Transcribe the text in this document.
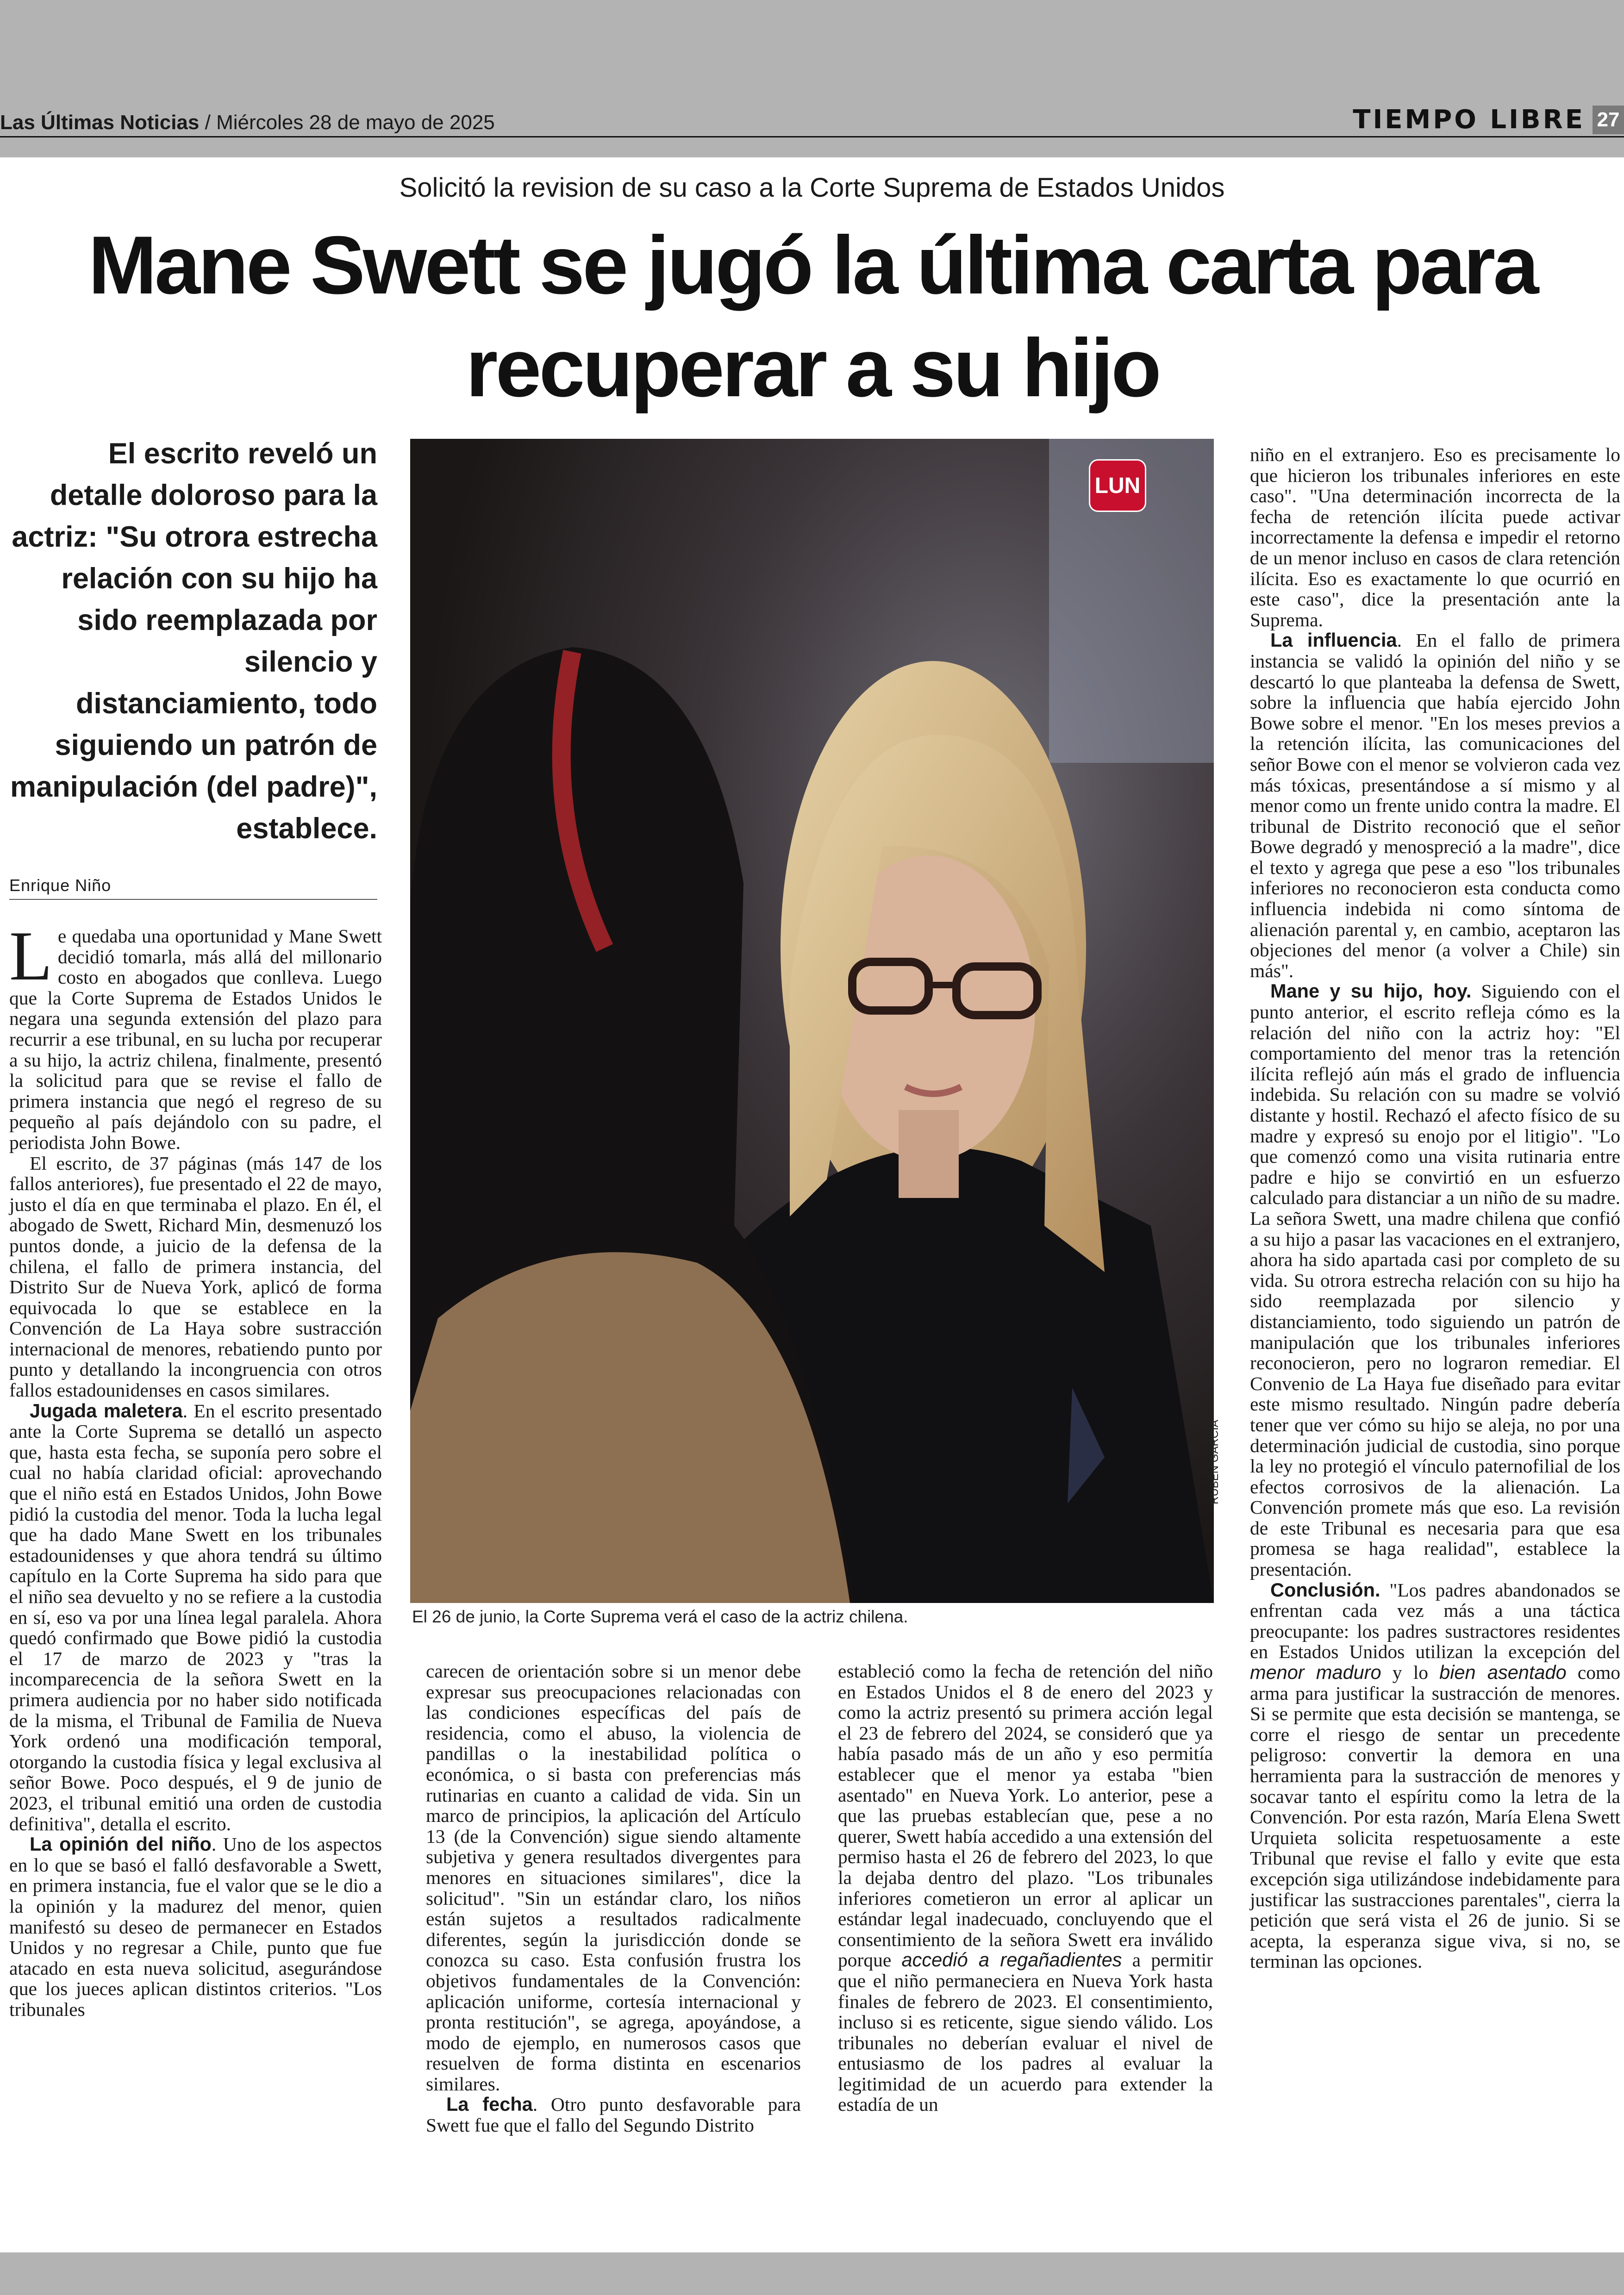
Las Últimas Noticias / Miércoles 28 de mayo de 2025	TIEMPO LIBRE 27
Solicitó la revision de su caso a la Corte Suprema de Estados Unidos
Mane Swett se jugó la última carta para recuperar a su hijo
El escrito reveló un detalle doloroso para la actriz: "Su otrora estrecha relación con su hijo ha sido reemplazada por silencio y distanciamiento, todo siguiendo un patrón de manipulación (del padre)", establece.
Enrique Niño

Le quedaba una oportunidad y Mane Swett decidió tomarla, más allá del millonario costo en abogados que conlleva. Luego que la Corte Suprema de Estados Unidos le negara una segunda extensión del plazo para recurrir a ese tribunal, en su lucha por recuperar a su hijo, la actriz chilena, finalmente, presentó la solicitud para que se revise el fallo de primera instancia que negó el regreso de su pequeño al país dejándolo con su padre, el periodista John Bowe.

El escrito, de 37 páginas (más 147 de los fallos anteriores), fue presentado el 22 de mayo, justo el día en que terminaba el plazo. En él, el abogado de Swett, Richard Min, desmenuzó los puntos donde, a juicio de la defensa de la chilena, el fallo de primera instancia, del Distrito Sur de Nueva York, aplicó de forma equivocada lo que se establece en la Convención de La Haya sobre sustracción internacional de menores, rebatiendo punto por punto y detallando la incongruencia con otros fallos estadounidenses en casos similares.

Jugada maletera. En el escrito presentado ante la Corte Suprema se detalló un aspecto que, hasta esta fecha, se suponía pero sobre el cual no había claridad oficial: aprovechando que el niño está en Estados Unidos, John Bowe pidió la custodia del menor. Toda la lucha legal que ha dado Mane Swett en los tribunales estadounidenses y que ahora tendrá su último capítulo en la Corte Suprema ha sido para que el niño sea devuelto y no se refiere a la custodia en sí, eso va por una línea legal paralela. Ahora quedó confirmado que Bowe pidió la custodia el 17 de marzo de 2023 y "tras la incomparecencia de la señora Swett en la primera audiencia por no haber sido notificada de la misma, el Tribunal de Familia de Nueva York ordenó una modificación temporal, otorgando la custodia física y legal exclusiva al señor Bowe. Poco después, el 9 de junio de 2023, el tribunal emitió una orden de custodia definitiva", detalla el escrito.

La opinión del niño. Uno de los aspectos en lo que se basó el falló desfavorable a Swett, en primera instancia, fue el valor que se le dio a la opinión y la madurez del menor, quien manifestó su deseo de permanecer en Estados Unidos y no regresar a Chile, punto que fue atacado en esta nueva solicitud, asegurándose que los jueces aplican distintos criterios. "Los tribunales

LUN
RUBÉN GARCÍA
El 26 de junio, la Corte Suprema verá el caso de la actriz chilena.

carecen de orientación sobre si un menor debe expresar sus preocupaciones relacionadas con las condiciones específicas del país de residencia, como el abuso, la violencia de pandillas o la inestabilidad política o económica, o si basta con preferencias más rutinarias en cuanto a calidad de vida. Sin un marco de principios, la aplicación del Artículo 13 (de la Convención) sigue siendo altamente subjetiva y genera resultados divergentes para menores en situaciones similares", dice la solicitud". "Sin un estándar claro, los niños están sujetos a resultados radicalmente diferentes, según la jurisdicción donde se conozca su caso. Esta confusión frustra los objetivos fundamentales de la Convención: aplicación uniforme, cortesía internacional y pronta restitución", se agrega, apoyándose, a modo de ejemplo, en numerosos casos que resuelven de forma distinta en escenarios similares.

La fecha. Otro punto desfavorable para Swett fue que el fallo del Segundo Distrito

estableció como la fecha de retención del niño en Estados Unidos el 8 de enero del 2023 y como la actriz presentó su primera acción legal el 23 de febrero del 2024, se consideró que ya había pasado más de un año y eso permitía establecer que el menor ya estaba "bien asentado" en Nueva York. Lo anterior, pese a que las pruebas establecían que, pese a no querer, Swett había accedido a una extensión del permiso hasta el 26 de febrero del 2023, lo que la dejaba dentro del plazo. "Los tribunales inferiores cometieron un error al aplicar un estándar legal inadecuado, concluyendo que el consentimiento de la señora Swett era inválido porque accedió a regañadientes a permitir que el niño permaneciera en Nueva York hasta finales de febrero de 2023. El consentimiento, incluso si es reticente, sigue siendo válido. Los tribunales no deberían evaluar el nivel de entusiasmo de los padres al evaluar la legitimidad de un acuerdo para extender la estadía de un

niño en el extranjero. Eso es precisamente lo que hicieron los tribunales inferiores en este caso". "Una determinación incorrecta de la fecha de retención ilícita puede activar incorrectamente la defensa e impedir el retorno de un menor incluso en casos de clara retención ilícita. Eso es exactamente lo que ocurrió en este caso", dice la presentación ante la Suprema.

La influencia. En el fallo de primera instancia se validó la opinión del niño y se descartó lo que planteaba la defensa de Swett, sobre la influencia que había ejercido John Bowe sobre el menor. "En los meses previos a la retención ilícita, las comunicaciones del señor Bowe con el menor se volvieron cada vez más tóxicas, presentándose a sí mismo y al menor como un frente unido contra la madre. El tribunal de Distrito reconoció que el señor Bowe degradó y menospreció a la madre", dice el texto y agrega que pese a eso "los tribunales inferiores no reconocieron esta conducta como influencia indebida ni como síntoma de alienación parental y, en cambio, aceptaron las objeciones del menor (a volver a Chile) sin más".

Mane y su hijo, hoy. Siguiendo con el punto anterior, el escrito refleja cómo es la relación del niño con la actriz hoy: "El comportamiento del menor tras la retención ilícita reflejó aún más el grado de influencia indebida. Su relación con su madre se volvió distante y hostil. Rechazó el afecto físico de su madre y expresó su enojo por el litigio". "Lo que comenzó como una visita rutinaria entre padre e hijo se convirtió en un esfuerzo calculado para distanciar a un niño de su madre. La señora Swett, una madre chilena que confió a su hijo a pasar las vacaciones en el extranjero, ahora ha sido apartada casi por completo de su vida. Su otrora estrecha relación con su hijo ha sido reemplazada por silencio y distanciamiento, todo siguiendo un patrón de manipulación que los tribunales inferiores reconocieron, pero no lograron remediar. El Convenio de La Haya fue diseñado para evitar este mismo resultado. Ningún padre debería tener que ver cómo su hijo se aleja, no por una determinación judicial de custodia, sino porque la ley no protegió el vínculo paternofilial de los efectos corrosivos de la alienación. La Convención promete más que eso. La revisión de este Tribunal es necesaria para que esa promesa se haga realidad", establece la presentación.

Conclusión. "Los padres abandonados se enfrentan cada vez más a una táctica preocupante: los padres sustractores residentes en Estados Unidos utilizan la excepción del menor maduro y lo bien asentado como arma para justificar la sustracción de menores. Si se permite que esta decisión se mantenga, se corre el riesgo de sentar un precedente peligroso: convertir la demora en una herramienta para la sustracción de menores y socavar tanto el espíritu como la letra de la Convención. Por esta razón, María Elena Swett Urquieta solicita respetuosamente a este Tribunal que revise el fallo y evite que esta excepción siga utilizándose indebidamente para justificar las sustracciones parentales", cierra la petición que será vista el 26 de junio. Si se acepta, la esperanza sigue viva, si no, se terminan las opciones.
